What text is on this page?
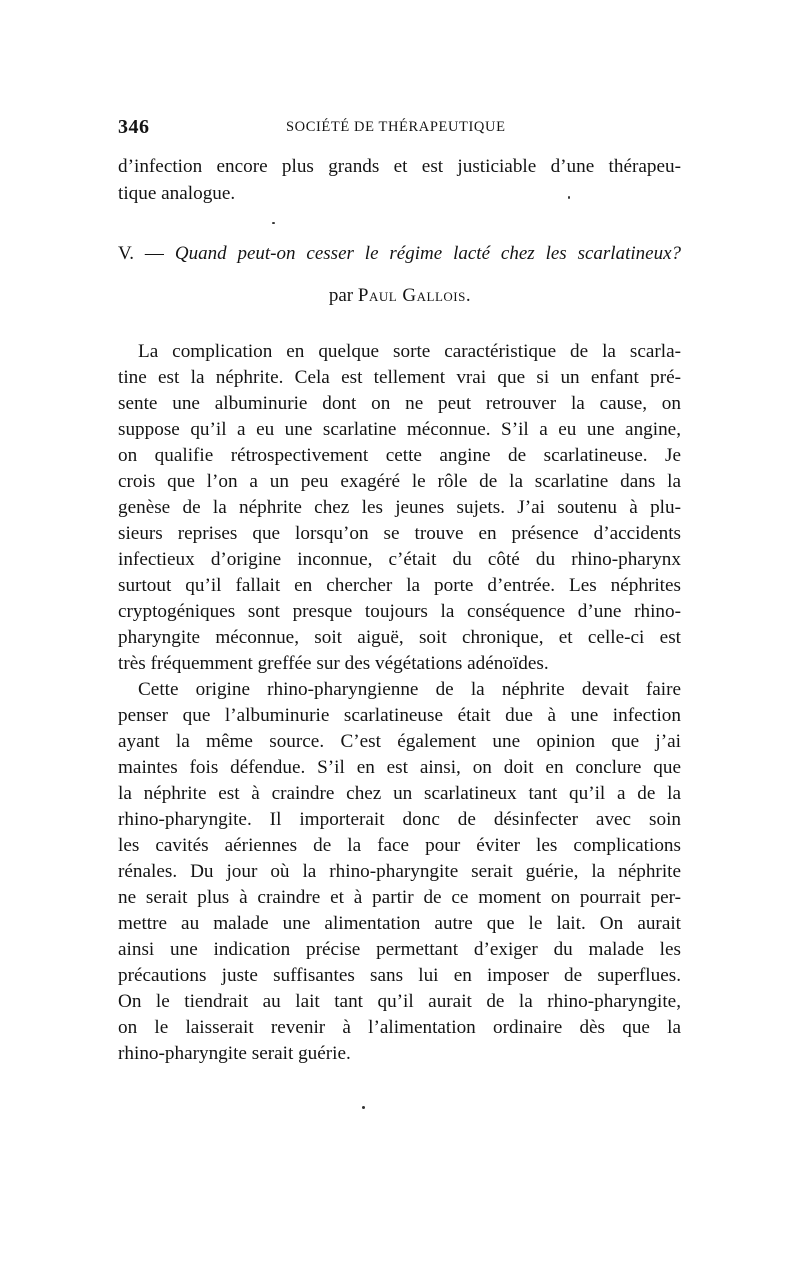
346	SOCIÉTÉ DE THÉRAPEUTIQUE
d’infection encore plus grands et est justiciable d’une thérapeu-
tique analogue.
V. — Quand peut-on cesser le régime lacté chez les scarlatineux?
par Paul Gallois.
La complication en quelque sorte caractéristique de la scarla-
tine est la néphrite. Cela est tellement vrai que si un enfant pré-
sente une albuminurie dont on ne peut retrouver la cause, on
suppose qu’il a eu une scarlatine méconnue. S’il a eu une angine,
on qualifie rétrospectivement cette angine de scarlatineuse. Je
crois que l’on a un peu exagéré le rôle de la scarlatine dans la
genèse de la néphrite chez les jeunes sujets. J’ai soutenu à plu-
sieurs reprises que lorsqu’on se trouve en présence d’accidents
infectieux d’origine inconnue, c’était du côté du rhino-pharynx
surtout qu’il fallait en chercher la porte d’entrée. Les néphrites
cryptogéniques sont presque toujours la conséquence d’une rhino-
pharyngite méconnue, soit aiguë, soit chronique, et celle-ci est
très fréquemment greffée sur des végétations adénoïdes.
Cette origine rhino-pharyngienne de la néphrite devait faire
penser que l’albuminurie scarlatineuse était due à une infection
ayant la même source. C’est également une opinion que j’ai
maintes fois défendue. S’il en est ainsi, on doit en conclure que
la néphrite est à craindre chez un scarlatineux tant qu’il a de la
rhino-pharyngite. Il importerait donc de désinfecter avec soin
les cavités aériennes de la face pour éviter les complications
rénales. Du jour où la rhino-pharyngite serait guérie, la néphrite
ne serait plus à craindre et à partir de ce moment on pourrait per-
mettre au malade une alimentation autre que le lait. On aurait
ainsi une indication précise permettant d’exiger du malade les
précautions juste suffisantes sans lui en imposer de superflues.
On le tiendrait au lait tant qu’il aurait de la rhino-pharyngite,
on le laisserait revenir à l’alimentation ordinaire dès que la
rhino-pharyngite serait guérie.
